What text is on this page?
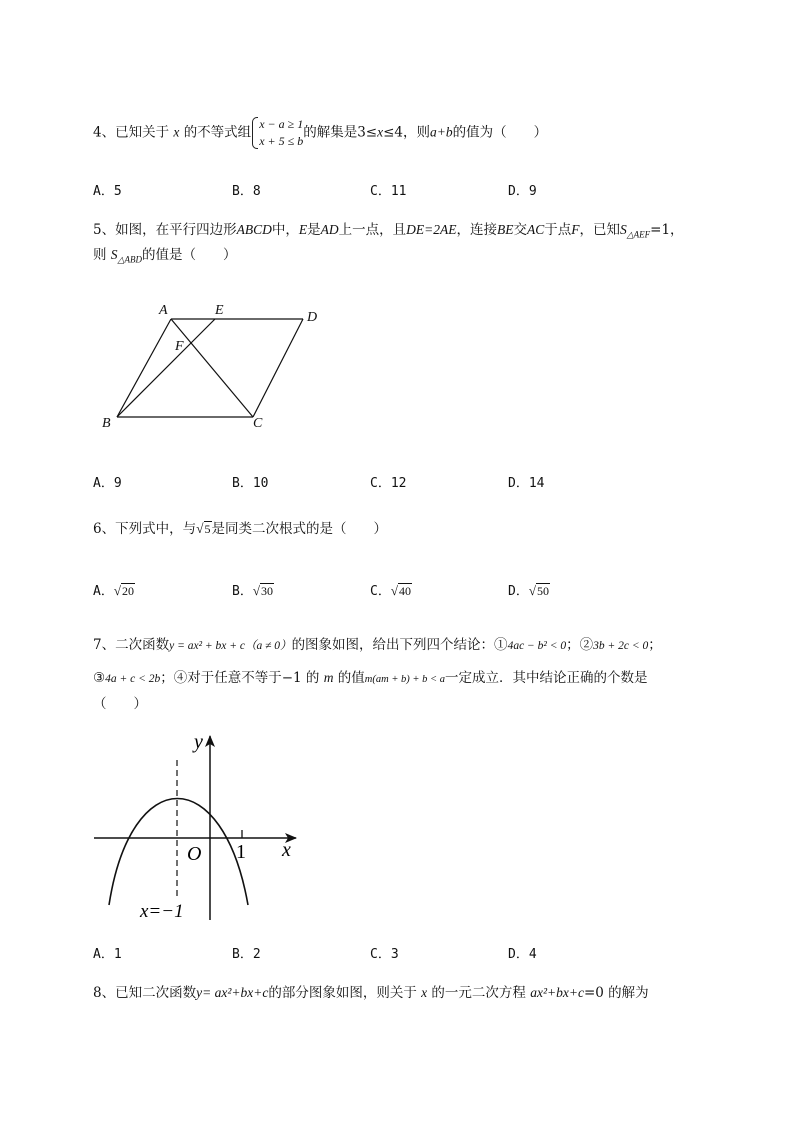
4、已知关于 x 的不等式组
x − a ≥ 1
x + 5 ≤ b
的解集是3≤x≤4，则a+b的值为（　　）
A．5	B．8	C．11	D．9
5、如图，在平行四边形ABCD中，E是AD上一点，且DE=2AE，连接BE交AC于点F，已知$S_{\triangle AEF}=1$，
则 $S_{\triangle ABD}$的值是（　　）
A	E	D
F
B	C
A．9	B．10	C．12	D．14
6、下列式中，与√5是同类二次根式的是（　　）
A．√20	B．√30	C．√40	D．√50
7、二次函数y = ax² + bx + c（a ≠ 0）的图象如图，给出下列四个结论：①4ac − b² < 0；②3b + 2c < 0；
③4a + c < 2b；④对于任意不等于−1 的 m 的值m(am + b) + b < a一定成立．其中结论正确的个数是
（　　）
y
x
O 1
x=−1
A．1	B．2	C．3	D．4
8、已知二次函数y= ax²+bx+c的部分图象如图，则关于 x 的一元二次方程 ax²+bx+c=0 的解为
